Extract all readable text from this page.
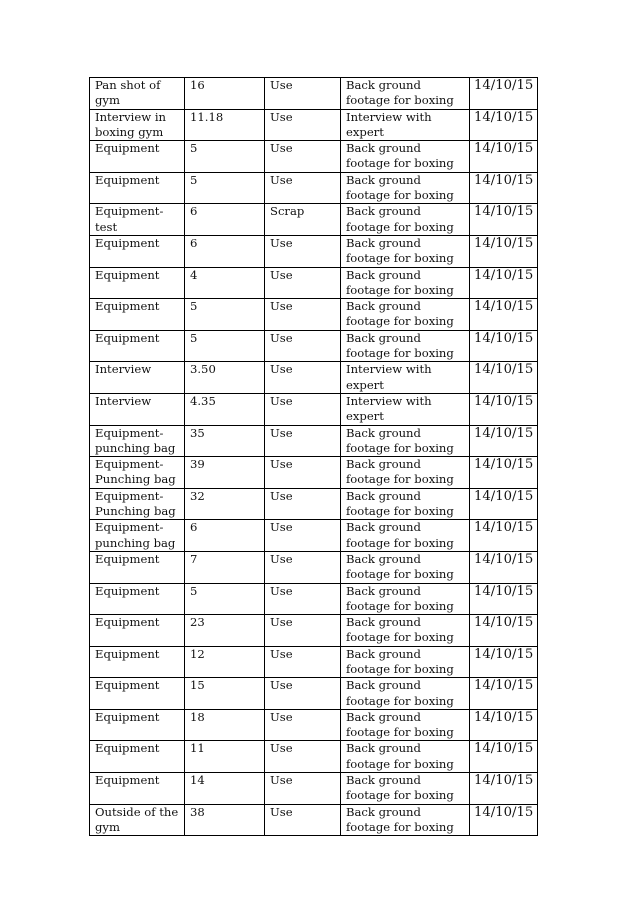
Pan shot of gym	16	Use	Back ground footage for boxing	14/10/15
Interview in boxing gym	11.18	Use	Interview with expert	14/10/15
Equipment	5	Use	Back ground footage for boxing	14/10/15
Equipment	5	Use	Back ground footage for boxing	14/10/15
Equipment-test	6	Scrap	Back ground footage for boxing	14/10/15
Equipment	6	Use	Back ground footage for boxing	14/10/15
Equipment	4	Use	Back ground footage for boxing	14/10/15
Equipment	5	Use	Back ground footage for boxing	14/10/15
Equipment	5	Use	Back ground footage for boxing	14/10/15
Interview	3.50	Use	Interview with expert	14/10/15
Interview	4.35	Use	Interview with expert	14/10/15
Equipment-punching bag	35	Use	Back ground footage for boxing	14/10/15
Equipment-Punching bag	39	Use	Back ground footage for boxing	14/10/15
Equipment-Punching bag	32	Use	Back ground footage for boxing	14/10/15
Equipment-punching bag	6	Use	Back ground footage for boxing	14/10/15
Equipment	7	Use	Back ground footage for boxing	14/10/15
Equipment	5	Use	Back ground footage for boxing	14/10/15
Equipment	23	Use	Back ground footage for boxing	14/10/15
Equipment	12	Use	Back ground footage for boxing	14/10/15
Equipment	15	Use	Back ground footage for boxing	14/10/15
Equipment	18	Use	Back ground footage for boxing	14/10/15
Equipment	11	Use	Back ground footage for boxing	14/10/15
Equipment	14	Use	Back ground footage for boxing	14/10/15
Outside of the gym	38	Use	Back ground footage for boxing	14/10/15
